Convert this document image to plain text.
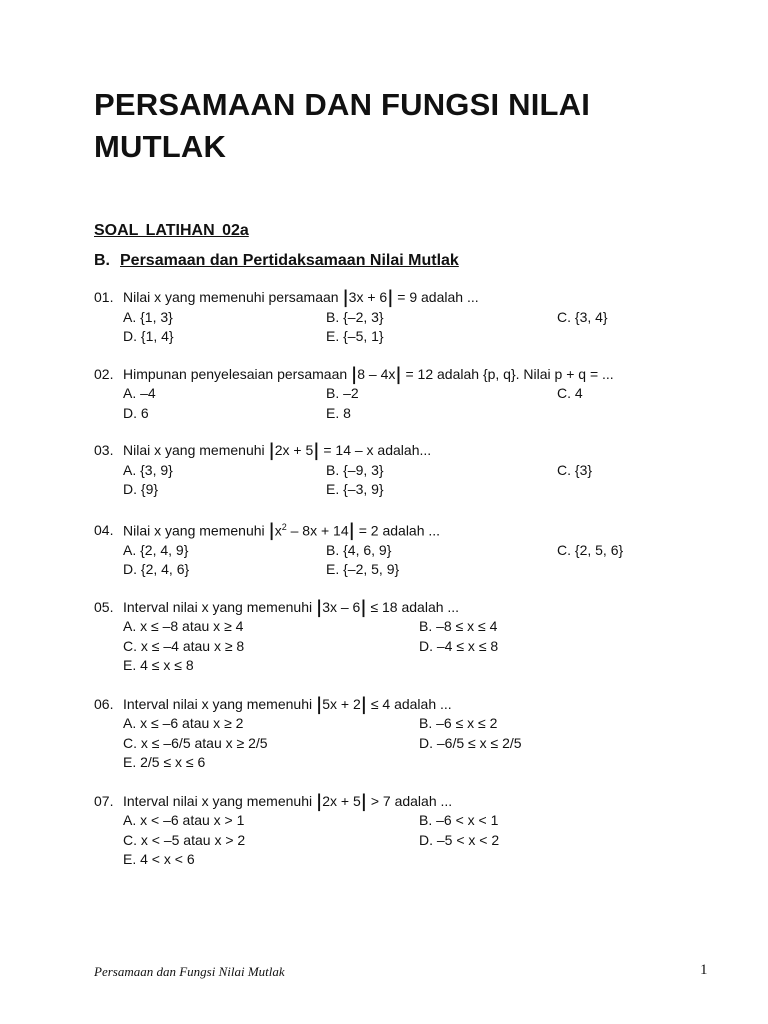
PERSAMAAN DAN FUNGSI NILAI MUTLAK
SOAL LATIHAN 02a
B. Persamaan dan Pertidaksamaan Nilai Mutlak
01. Nilai x yang memenuhi persamaan |3x + 6| = 9 adalah ...
A. {1, 3}	B. {–2, 3}	C. {3, 4}
D. {1, 4}	E. {–5, 1}
02. Himpunan penyelesaian persamaan |8 – 4x| = 12 adalah {p, q}. Nilai p + q = ...
A. –4	B. –2	C. 4
D. 6	E. 8
03. Nilai x yang memenuhi |2x + 5| = 14 – x adalah...
A. {3, 9}	B. {–9, 3}	C. {3}
D. {9}	E. {–3, 9}
04. Nilai x yang memenuhi $|x^2 - 8x + 14| = 2$ adalah ...
A. {2, 4, 9}	B. {4, 6, 9}	C. {2, 5, 6}
D. {2, 4, 6}	E. {–2, 5, 9}
05. Interval nilai x yang memenuhi |3x – 6| ≤ 18 adalah ...
A. x ≤ –8 atau x ≥ 4	B. –8 ≤ x ≤ 4
C. x ≤ –4 atau x ≥ 8	D. –4 ≤ x ≤ 8
E. 4 ≤ x ≤ 8
06. Interval nilai x yang memenuhi |5x + 2| ≤ 4 adalah ...
A. x ≤ –6 atau x ≥ 2	B. –6 ≤ x ≤ 2
C. x ≤ –6/5 atau x ≥ 2/5	D. –6/5 ≤ x ≤ 2/5
E. 2/5 ≤ x ≤ 6
07. Interval nilai x yang memenuhi |2x + 5| > 7 adalah ...
A. x < –6 atau x > 1	B. –6 < x < 1
C. x < –5 atau x > 2	D. –5 < x < 2
E. 4 < x < 6
Persamaan dan Fungsi Nilai Mutlak	1
